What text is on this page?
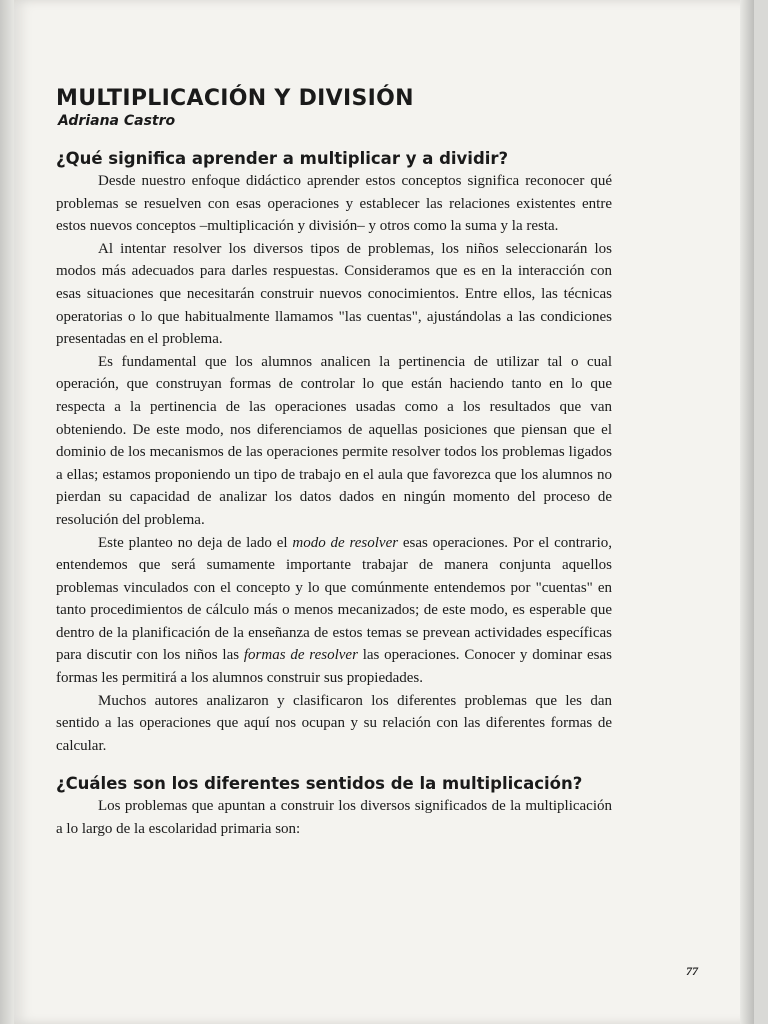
MULTIPLICACIÓN Y DIVISIÓN
Adriana Castro
¿Qué significa aprender a multiplicar y a dividir?

Desde nuestro enfoque didáctico aprender estos conceptos significa reconocer qué problemas se resuelven con esas operaciones y establecer las relaciones existentes entre estos nuevos conceptos –multiplicación y división– y otros como la suma y la resta.

Al intentar resolver los diversos tipos de problemas, los niños seleccionarán los modos más adecuados para darles respuestas. Consideramos que es en la interacción con esas situaciones que necesitarán construir nuevos conocimientos. Entre ellos, las técnicas operatorias o lo que habitualmente llamamos "las cuentas", ajustándolas a las condiciones presentadas en el problema.

Es fundamental que los alumnos analicen la pertinencia de utilizar tal o cual operación, que construyan formas de controlar lo que están haciendo tanto en lo que respecta a la pertinencia de las operaciones usadas como a los resultados que van obteniendo. De este modo, nos diferenciamos de aquellas posiciones que piensan que el dominio de los mecanismos de las operaciones permite resolver todos los problemas ligados a ellas; estamos proponiendo un tipo de trabajo en el aula que favorezca que los alumnos no pierdan su capacidad de analizar los datos dados en ningún momento del proceso de resolución del problema.

Este planteo no deja de lado el modo de resolver esas operaciones. Por el contrario, entendemos que será sumamente importante trabajar de manera conjunta aquellos problemas vinculados con el concepto y lo que comúnmente entendemos por "cuentas" en tanto procedimientos de cálculo más o menos mecanizados; de este modo, es esperable que dentro de la planificación de la enseñanza de estos temas se prevean actividades específicas para discutir con los niños las formas de resolver las operaciones. Conocer y dominar esas formas les permitirá a los alumnos construir sus propiedades.

Muchos autores analizaron y clasificaron los diferentes problemas que les dan sentido a las operaciones que aquí nos ocupan y su relación con las diferentes formas de calcular.

¿Cuáles son los diferentes sentidos de la multiplicación?

Los problemas que apuntan a construir los diversos significados de la multiplicación a lo largo de la escolaridad primaria son:

77
